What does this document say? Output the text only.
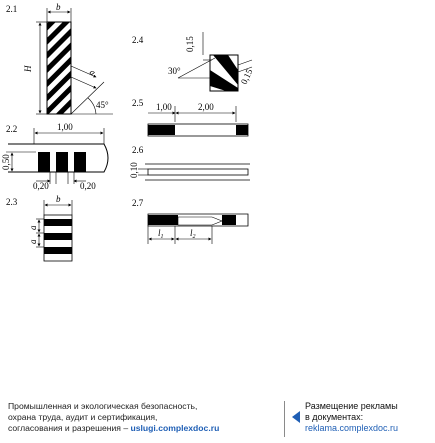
2.1	b
H	a
45°
2.2	1,00
0,50
0,20	0,20
2.3	b
a
a
2.4	0,15
0,15
30°
2.5 1,00	2,00
2.6
0,10
2.7
$l_1$	$l_2$
Промышленная и экологическая безопасность,
охрана труда, аудит и сертификация,
согласования и разрешения – uslugi.complexdoc.ru
Размещение рекламы
в документах:
reklama.complexdoc.ru
